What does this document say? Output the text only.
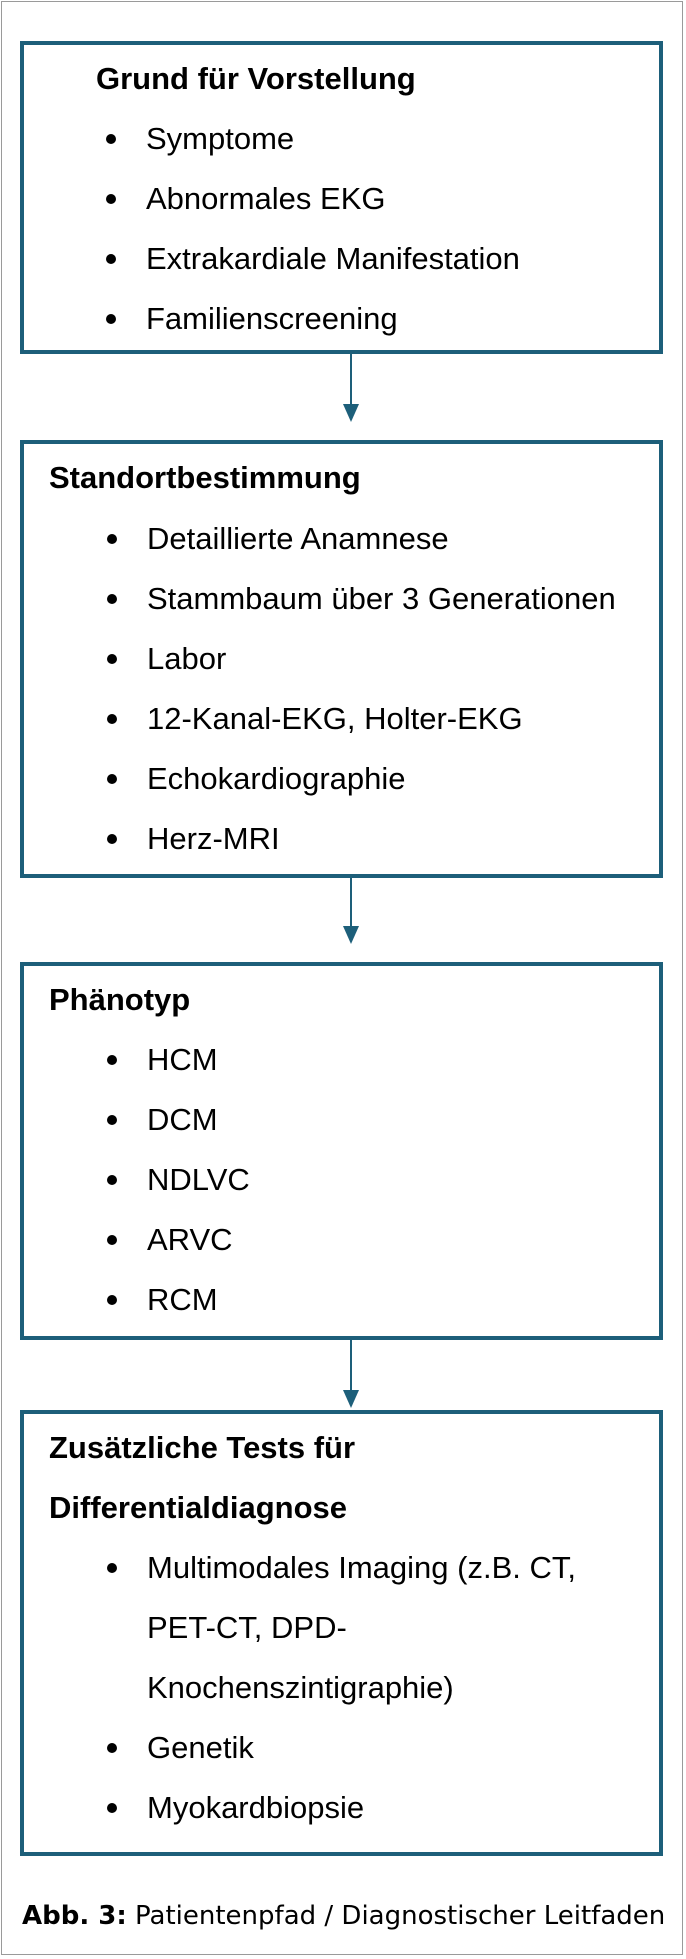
Grund für Vorstellung
Symptome
Abnormales EKG
Extrakardiale Manifestation
Familienscreening
Standortbestimmung
Detaillierte Anamnese
Stammbaum über 3 Generationen
Labor
12-Kanal-EKG, Holter-EKG
Echokardiographie
Herz-MRI
Phänotyp
HCM
DCM
NDLVC
ARVC
RCM
Zusätzliche Tests für Differentialdiagnose
Multimodales Imaging (z.B. CT, PET-CT, DPD-Knochenszintigraphie)
Genetik
Myokardbiopsie
Abb. 3: Patientenpfad / Diagnostischer Leitfaden
